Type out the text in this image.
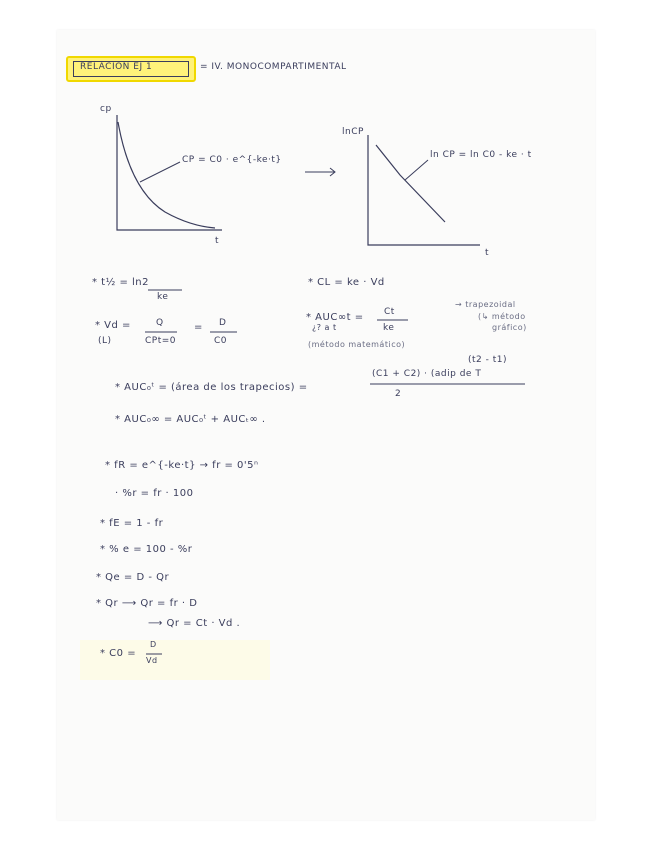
RELACION EJ 1	= IV. MONOCOMPARTIMENTAL
cp
t
CP = C0 · e^{-ke·t}
lnCP
t
ln CP = ln C0 - ke · t
* t½ = ln2
ke
* CL = ke · Vd
* Vd =	Q
CPt=0
= D
C0
(L)
* AUC∞t =
¿? a t
Ct
ke
(método matemático)
→ trapezoidal
(↳ método
gráfico)
(t2 - t1)
* AUC₀ᵗ = (área de los trapecios) =
(C1 + C2) · (adip de T
2
* AUC₀∞ = AUC₀ᵗ + AUCₜ∞ .
* fR = e^{-ke·t} → fr = 0'5ⁿ
· %r = fr · 100
* fE = 1 - fr
* % e = 100 - %r
* Qe = D - Qr
* Qr ⟶ Qr = fr · D
⟶ Qr = Ct · Vd .
* C0 =
D
Vd
